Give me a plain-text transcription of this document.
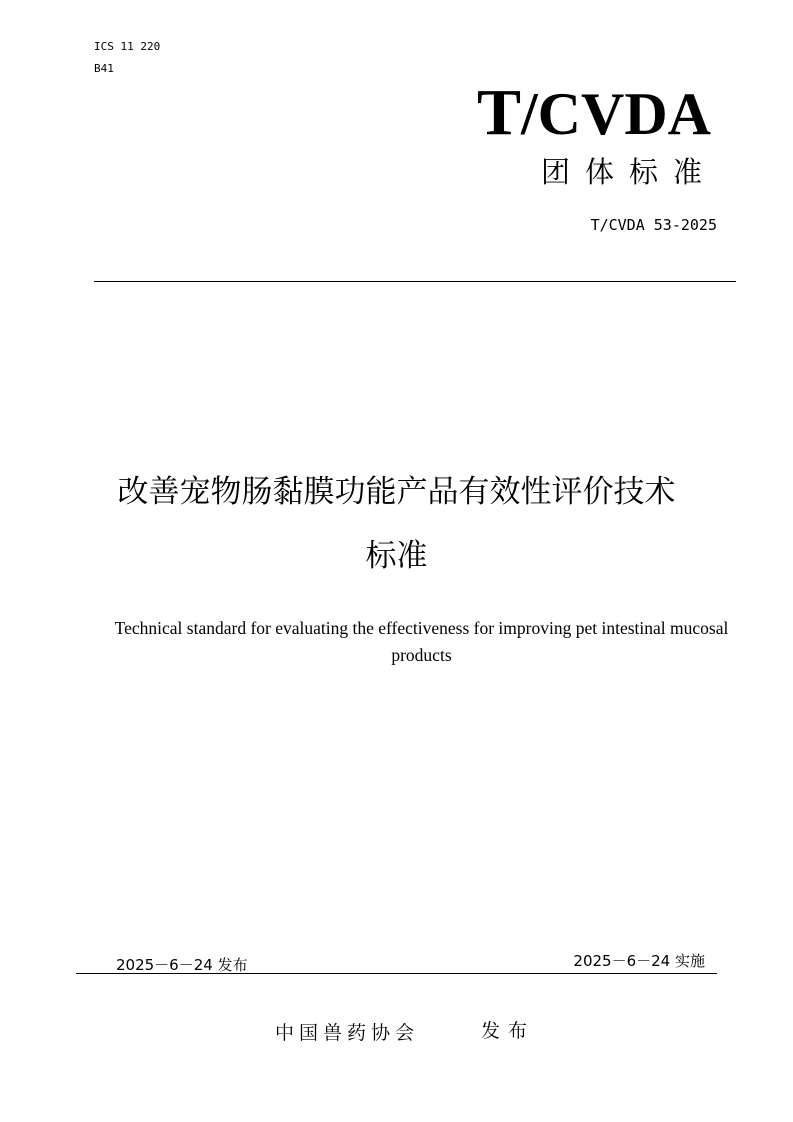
ICS 11 220
B41
T/CVDA
团体标准
T/CVDA 53-2025
改善宠物肠黏膜功能产品有效性评价技术
标准
Technical standard for evaluating the effectiveness for improving pet intestinal mucosal products
2025－6－24 发布	2025－6－24 实施
中国兽药协会	发布
